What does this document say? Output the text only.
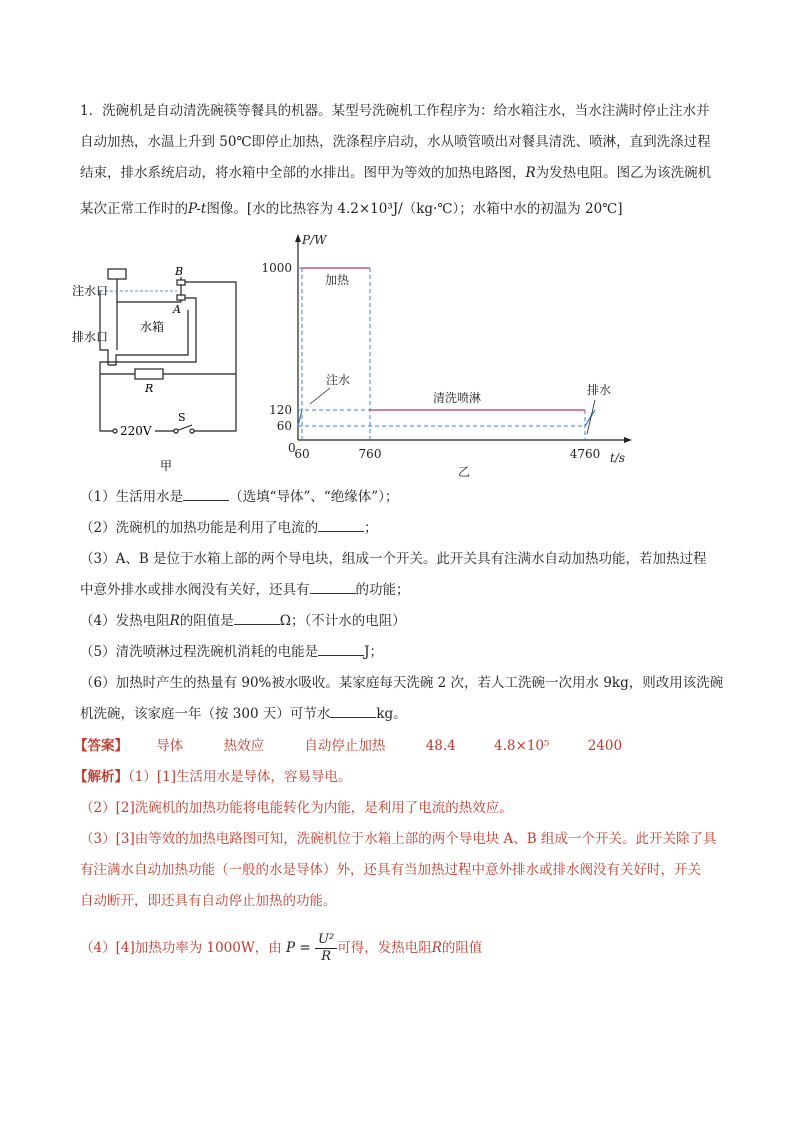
1．洗碗机是自动清洗碗筷等餐具的机器。某型号洗碗机工作程序为：给水箱注水，当水注满时停止注水并
自动加热，水温上升到 50℃即停止加热，洗涤程序启动，水从喷管喷出对餐具清洗、喷淋，直到洗涤过程
结束，排水系统启动，将水箱中全部的水排出。图甲为等效的加热电路图，R为发热电阻。图乙为该洗碗机
某次正常工作时的P-t图像。[水的比热容为 4.2×10³J/（kg·℃）；水箱中水的初温为 20℃]
注水口
排水口
水箱
B
A
R
220V
S
甲
P/W
t/s
0
60
120
1000
60	760	4760
加热
注水
清洗喷淋
排水
乙
（1）生活用水是	（选填“导体”、“绝缘体”）；
（2）洗碗机的加热功能是利用了电流的	；
（3）A、B 是位于水箱上部的两个导电块，组成一个开关。此开关具有注满水自动加热功能，若加热过程
中意外排水或排水阀没有关好，还具有	的功能；
（4）发热电阻R的阻值是	Ω；（不计水的电阻）
（5）清洗喷淋过程洗碗机消耗的电能是	J；
（6）加热时产生的热量有 90%被水吸收。某家庭每天洗碗 2 次，若人工洗碗一次用水 9kg，则改用该洗碗
机洗碗，该家庭一年（按 300 天）可节水	kg。
【答案】 导体	热效应	自动停止加热	48.4	4.8×10⁵	2400
【解析】（1）[1]生活用水是导体，容易导电。
（2）[2]洗碗机的加热功能将电能转化为内能，是利用了电流的热效应。
（3）[3]由等效的加热电路图可知，洗碗机位于水箱上部的两个导电块 A、B 组成一个开关。此开关除了具
有注满水自动加热功能（一般的水是导体）外，还具有当加热过程中意外排水或排水阀没有关好时，开关
自动断开，即还具有自动停止加热的功能。
（4）[4]加热功率为 1000W，由 $P = \frac{\text{U²}}{R}$ 可得，发热电阻R的阻值
